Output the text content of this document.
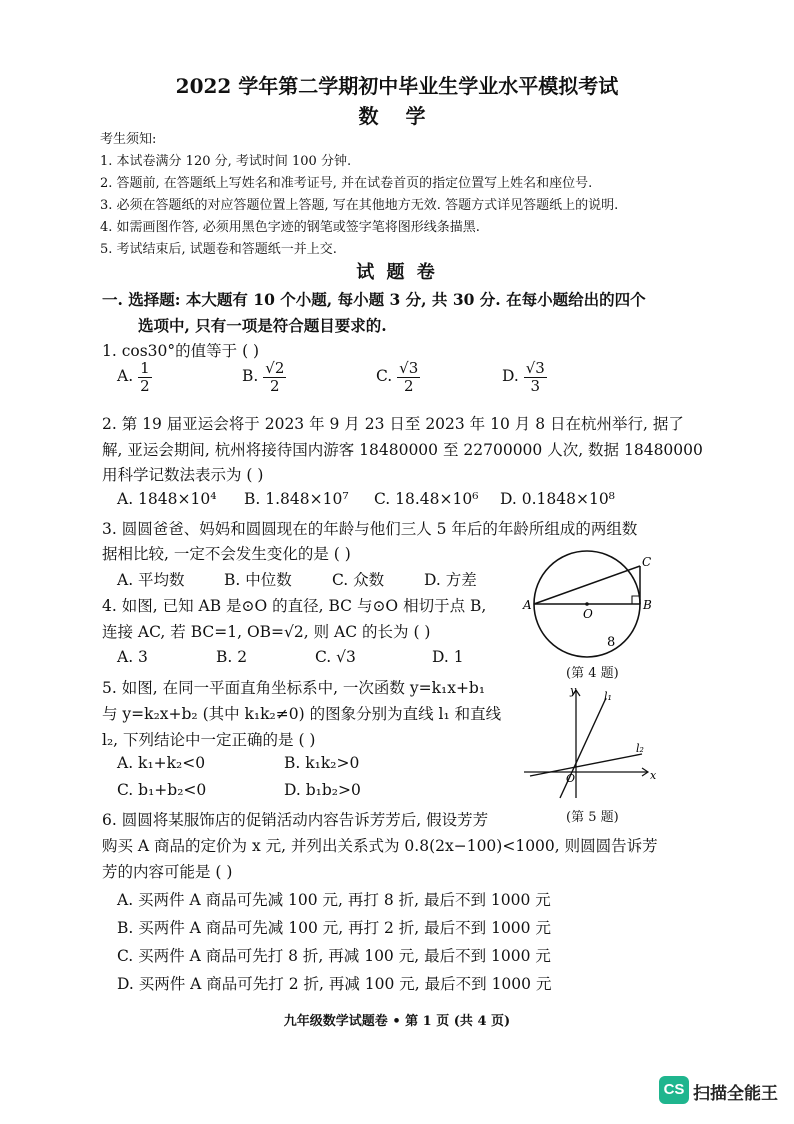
2022 学年第二学期初中毕业生学业水平模拟考试
数 学
考生须知:
1. 本试卷满分 120 分, 考试时间 100 分钟.
2. 答题前, 在答题纸上写姓名和准考证号, 并在试卷首页的指定位置写上姓名和座位号.
3. 必须在答题纸的对应答题位置上答题, 写在其他地方无效. 答题方式详见答题纸上的说明.
4. 如需画图作答, 必须用黑色字迹的钢笔或签字笔将图形线条描黑.
5. 考试结束后, 试题卷和答题纸一并上交.
试 题 卷
一. 选择题: 本大题有 10 个小题, 每小题 3 分, 共 30 分. 在每小题给出的四个
选项中, 只有一项是符合题目要求的.
1. cos30°的值等于 ( )
A. $\frac{1}{2}$	B. $\frac{√2}{2}$	C. $\frac{√3}{2}$	D. $\frac{√3}{3}$
2. 第 19 届亚运会将于 2023 年 9 月 23 日至 2023 年 10 月 8 日在杭州举行, 据了
解, 亚运会期间, 杭州将接待国内游客 18480000 至 22700000 人次, 数据 18480000
用科学记数法表示为 ( )
A. 1848×10⁴ B. 1.848×10⁷ C. 18.48×10⁶ D. 0.1848×10⁸
3. 圆圆爸爸、妈妈和圆圆现在的年龄与他们三人 5 年后的年龄所组成的两组数
据相比较, 一定不会发生变化的是 ( )
A. 平均数	B. 中位数	C. 众数	D. 方差
A	B
C
O
8
(第 4 题)
4. 如图, 已知 AB 是⊙O 的直径, BC 与⊙O 相切于点 B,
连接 AC, 若 BC=1, OB=√2, 则 AC 的长为 ( )
A. 3	B. 2	C. √3	D. 1
y
x
O
l₁
l₂
(第 5 题)
5. 如图, 在同一平面直角坐标系中, 一次函数 y=k₁x+b₁
与 y=k₂x+b₂ (其中 k₁k₂≠0) 的图象分别为直线 l₁ 和直线
l₂, 下列结论中一定正确的是 ( )
A. k₁+k₂<0	B. k₁k₂>0
C. b₁+b₂<0	D. b₁b₂>0
6. 圆圆将某服饰店的促销活动内容告诉芳芳后, 假设芳芳
购买 A 商品的定价为 x 元, 并列出关系式为 0.8(2x−100)<1000, 则圆圆告诉芳
芳的内容可能是 ( )
A. 买两件 A 商品可先减 100 元, 再打 8 折, 最后不到 1000 元
B. 买两件 A 商品可先减 100 元, 再打 2 折, 最后不到 1000 元
C. 买两件 A 商品可先打 8 折, 再减 100 元, 最后不到 1000 元
D. 买两件 A 商品可先打 2 折, 再减 100 元, 最后不到 1000 元
九年级数学试题卷 • 第 1 页 (共 4 页)
CS 扫描全能王
